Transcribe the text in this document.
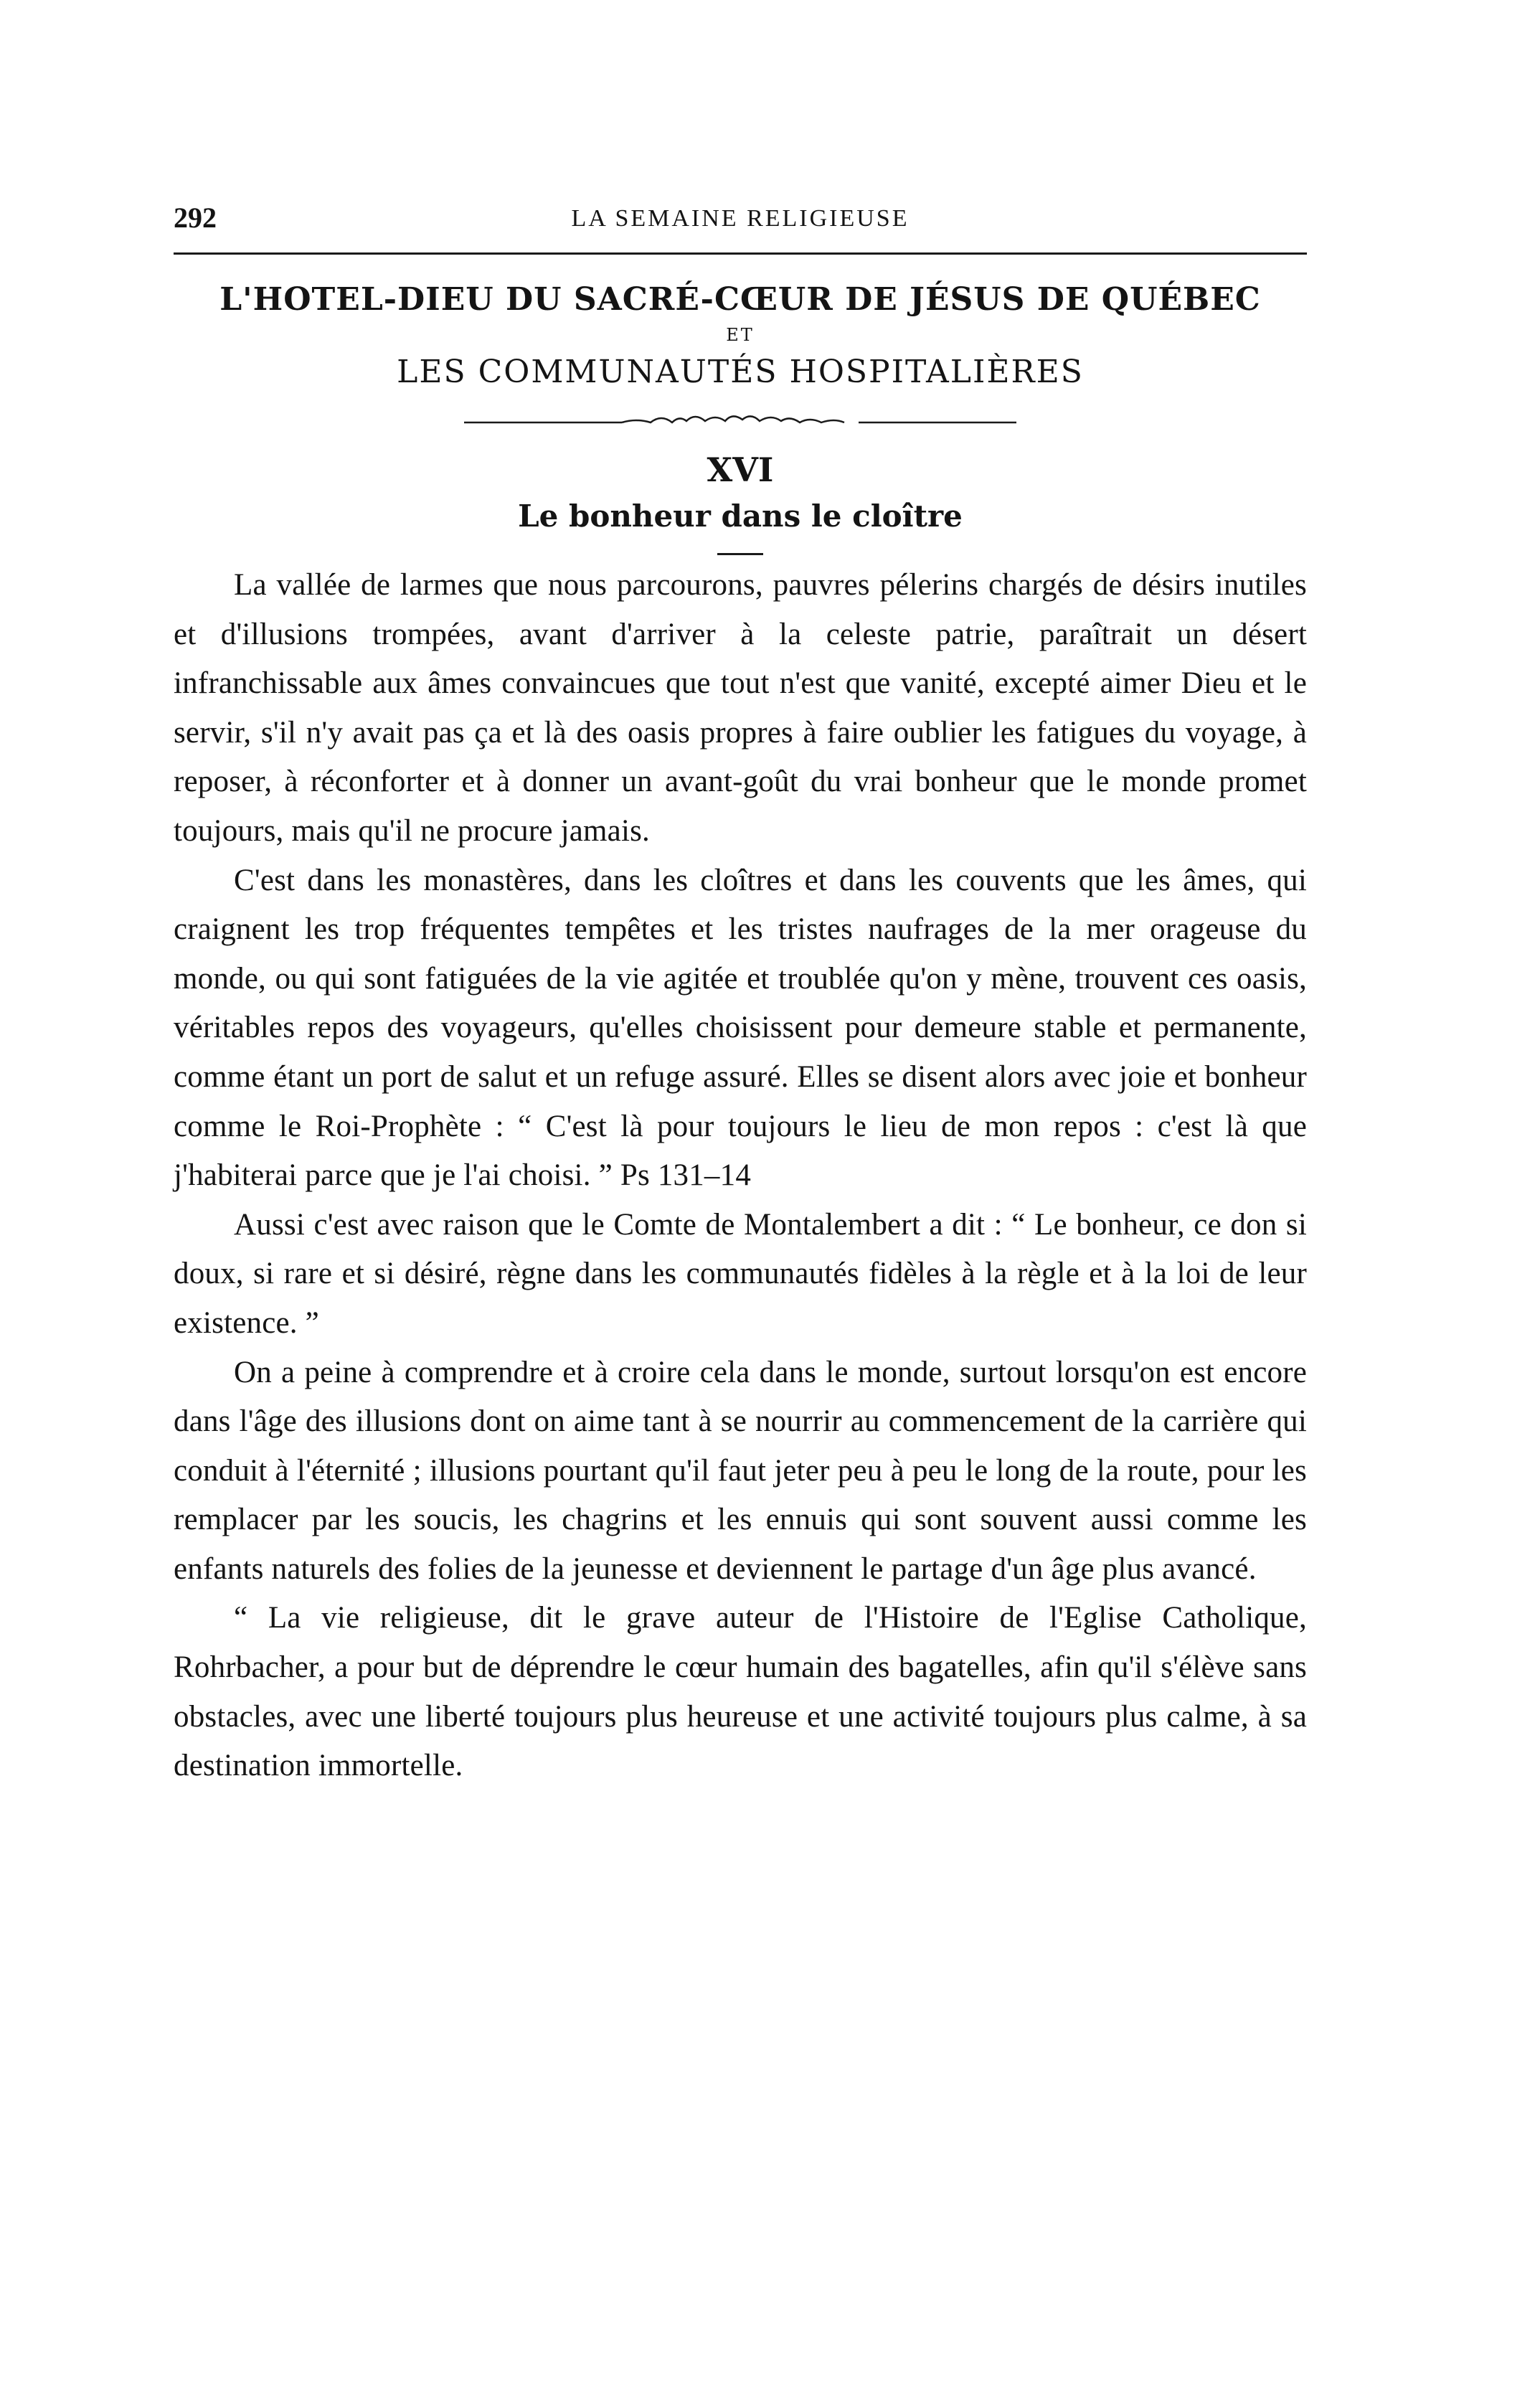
292	LA SEMAINE RELIGIEUSE
L'HOTEL-DIEU DU SACRÉ-CŒUR DE JÉSUS DE QUÉBEC
ET
LES COMMUNAUTÉS HOSPITALIÈRES
XVI
Le bonheur dans le cloître

La vallée de larmes que nous parcourons, pauvres pélerins chargés de désirs inutiles et d'illusions trompées, avant d'arriver à la celeste patrie, paraîtrait un désert infranchissable aux âmes convaincues que tout n'est que vanité, excepté aimer Dieu et le servir, s'il n'y avait pas ça et là des oasis propres à faire oublier les fatigues du voyage, à reposer, à réconforter et à donner un avant-goût du vrai bonheur que le monde promet toujours, mais qu'il ne procure jamais.

C'est dans les monastères, dans les cloîtres et dans les couvents que les âmes, qui craignent les trop fréquentes tempêtes et les tristes naufrages de la mer orageuse du monde, ou qui sont fatiguées de la vie agitée et troublée qu'on y mène, trouvent ces oasis, véritables repos des voyageurs, qu'elles choisissent pour demeure stable et permanente, comme étant un port de salut et un refuge assuré. Elles se disent alors avec joie et bonheur comme le Roi-Prophète : “ C'est là pour toujours le lieu de mon repos : c'est là que j'habiterai parce que je l'ai choisi. ” Ps 131–14

Aussi c'est avec raison que le Comte de Montalembert a dit : “ Le bonheur, ce don si doux, si rare et si désiré, règne dans les communautés fidèles à la règle et à la loi de leur existence. ”

On a peine à comprendre et à croire cela dans le monde, surtout lorsqu'on est encore dans l'âge des illusions dont on aime tant à se nourrir au commencement de la carrière qui conduit à l'éternité ; illusions pourtant qu'il faut jeter peu à peu le long de la route, pour les remplacer par les soucis, les chagrins et les ennuis qui sont souvent aussi comme les enfants naturels des folies de la jeunesse et deviennent le partage d'un âge plus avancé.

“ La vie religieuse, dit le grave auteur de l'Histoire de l'Eglise Catholique, Rohrbacher, a pour but de déprendre le cœur humain des bagatelles, afin qu'il s'élève sans obstacles, avec une liberté toujours plus heureuse et une activité toujours plus calme, à sa destination immortelle.
